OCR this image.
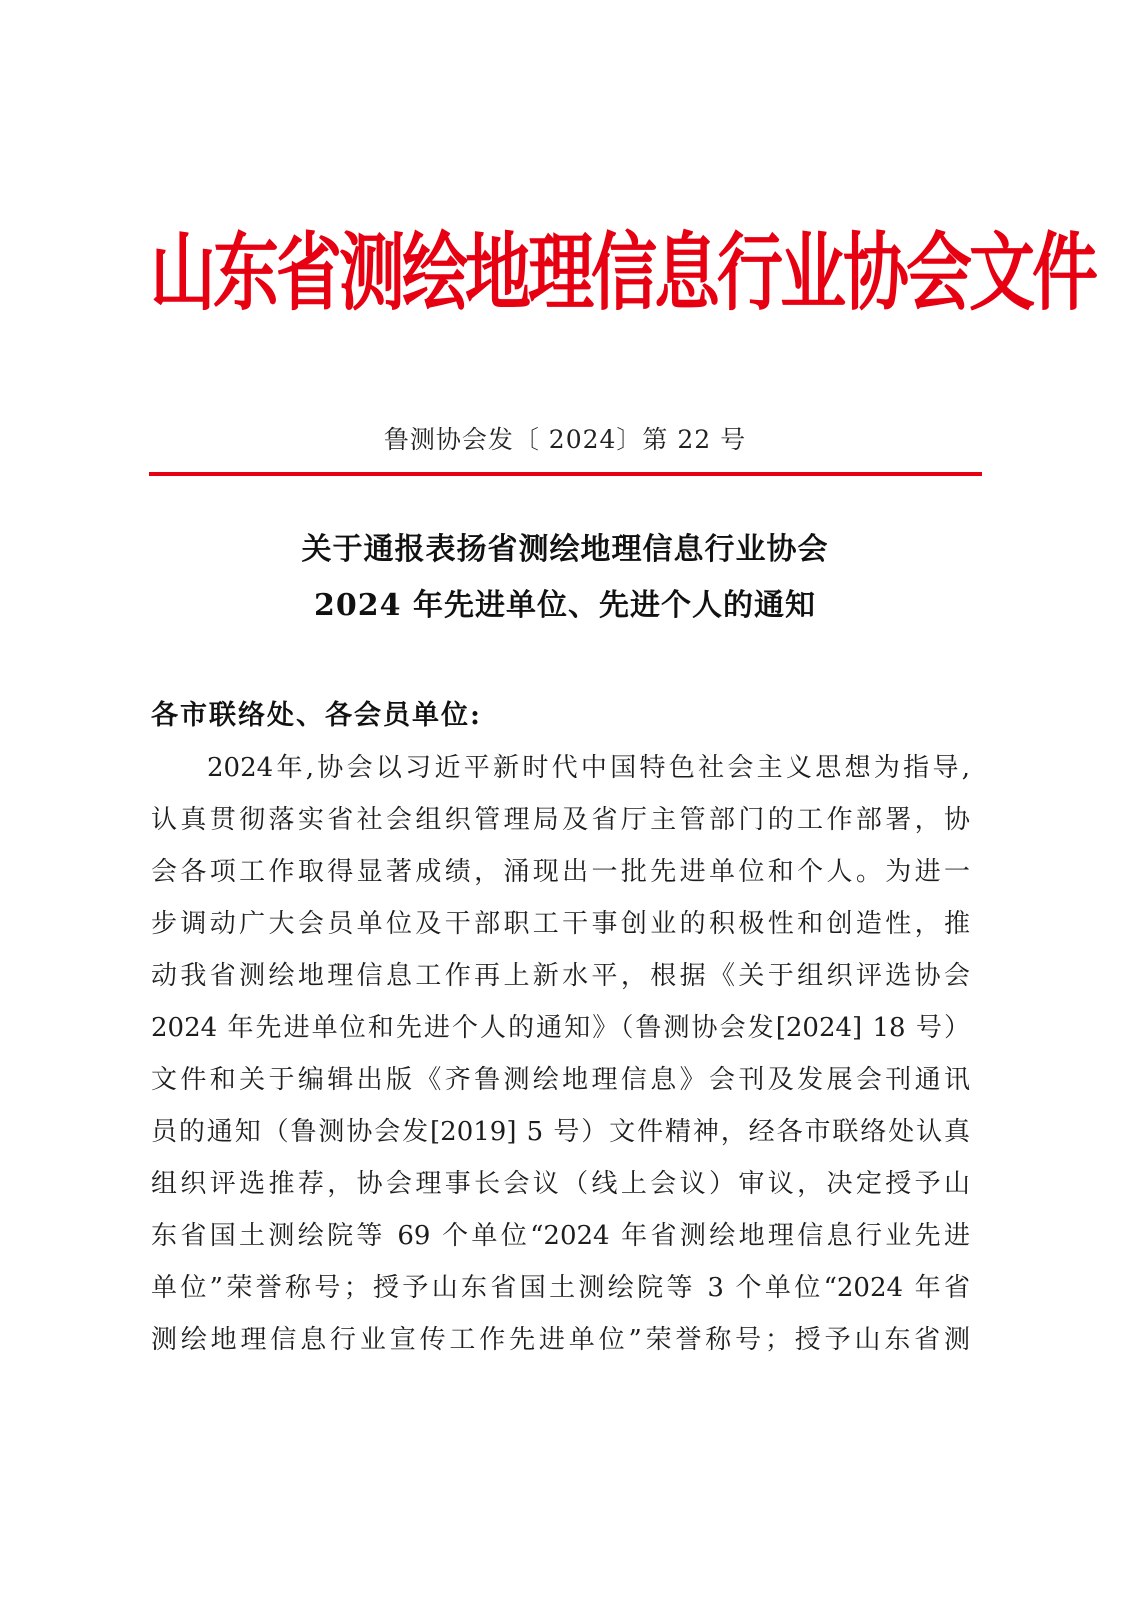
山东省测绘地理信息行业协会文件
鲁测协会发〔 2024〕第 22 号
关于通报表扬省测绘地理信息行业协会
2024 年先进单位、先进个人的通知
各市联络处、各会员单位:
2024年,协会以习近平新时代中国特色社会主义思想为指导,
认真贯彻落实省社会组织管理局及省厅主管部门的工作部署，协
会各项工作取得显著成绩，涌现出一批先进单位和个人。为进一
步调动广大会员单位及干部职工干事创业的积极性和创造性，推
动我省测绘地理信息工作再上新水平，根据《关于组织评选协会
2024 年先进单位和先进个人的通知》（鲁测协会发[2024] 18 号）
文件和关于编辑出版《齐鲁测绘地理信息》会刊及发展会刊通讯
员的通知（鲁测协会发[2019] 5 号）文件精神，经各市联络处认真
组织评选推荐，协会理事长会议（线上会议）审议，决定授予山
东省国土测绘院等 69 个单位“2024 年省测绘地理信息行业先进
单位”荣誉称号；授予山东省国土测绘院等 3 个单位“2024 年省
测绘地理信息行业宣传工作先进单位”荣誉称号；授予山东省测
